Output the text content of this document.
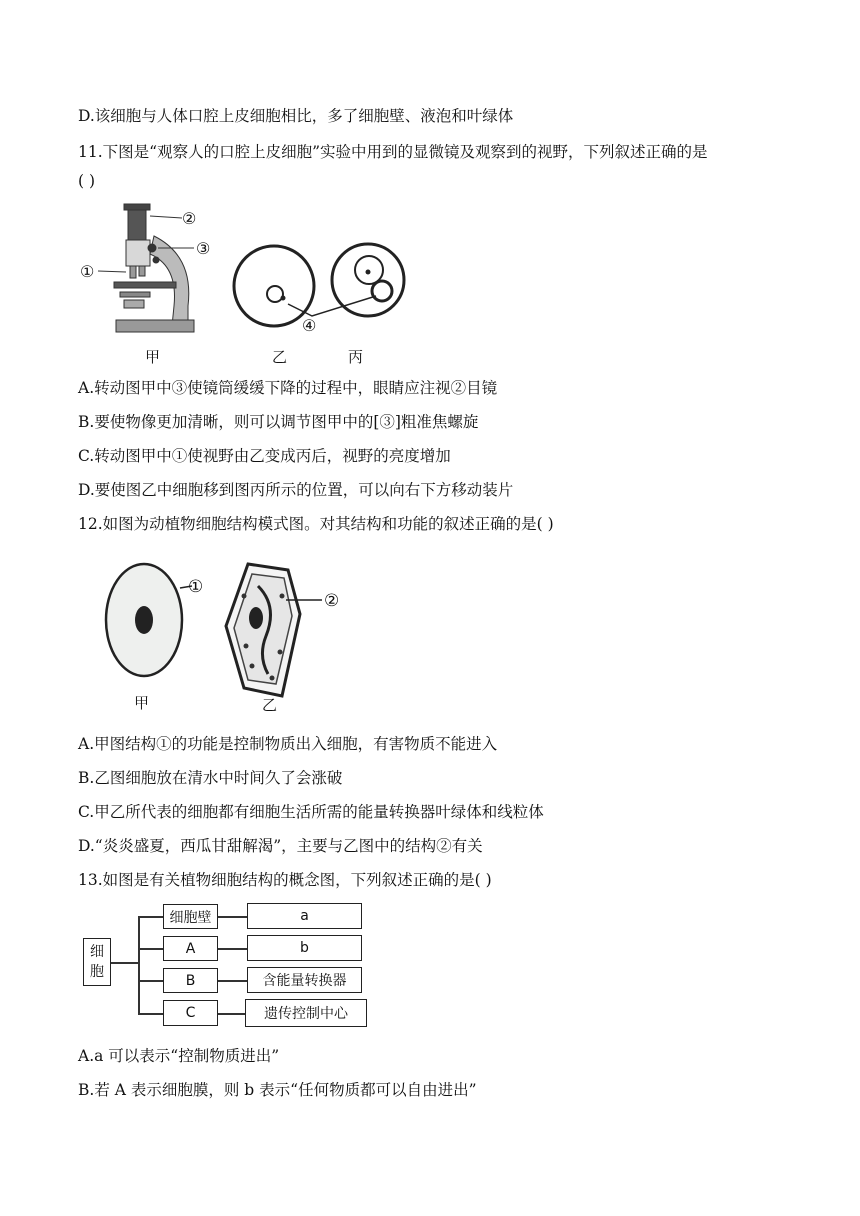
D.该细胞与人体口腔上皮细胞相比，多了细胞壁、液泡和叶绿体
11.下图是“观察人的口腔上皮细胞”实验中用到的显微镜及观察到的视野，下列叙述正确的是
( )
②
③
①
④
甲	乙	丙
A.转动图甲中③使镜筒缓缓下降的过程中，眼睛应注视②目镜
B.要使物像更加清晰，则可以调节图甲中的[③]粗准焦螺旋
C.转动图甲中①使视野由乙变成丙后，视野的亮度增加
D.要使图乙中细胞移到图丙所示的位置，可以向右下方移动装片
12.如图为动植物细胞结构模式图。对其结构和功能的叙述正确的是( )
①
②
甲	乙
A.甲图结构①的功能是控制物质出入细胞，有害物质不能进入
B.乙图细胞放在清水中时间久了会涨破
C.甲乙所代表的细胞都有细胞生活所需的能量转换器叶绿体和线粒体
D.“炎炎盛夏，西瓜甘甜解渴”，主要与乙图中的结构②有关
13.如图是有关植物细胞结构的概念图，下列叙述正确的是( )
细
胞
细胞壁
A
B
C
a
b
含能量转换器
遗传控制中心
A.a 可以表示“控制物质进出”
B.若 A 表示细胞膜，则 b 表示“任何物质都可以自由进出”
